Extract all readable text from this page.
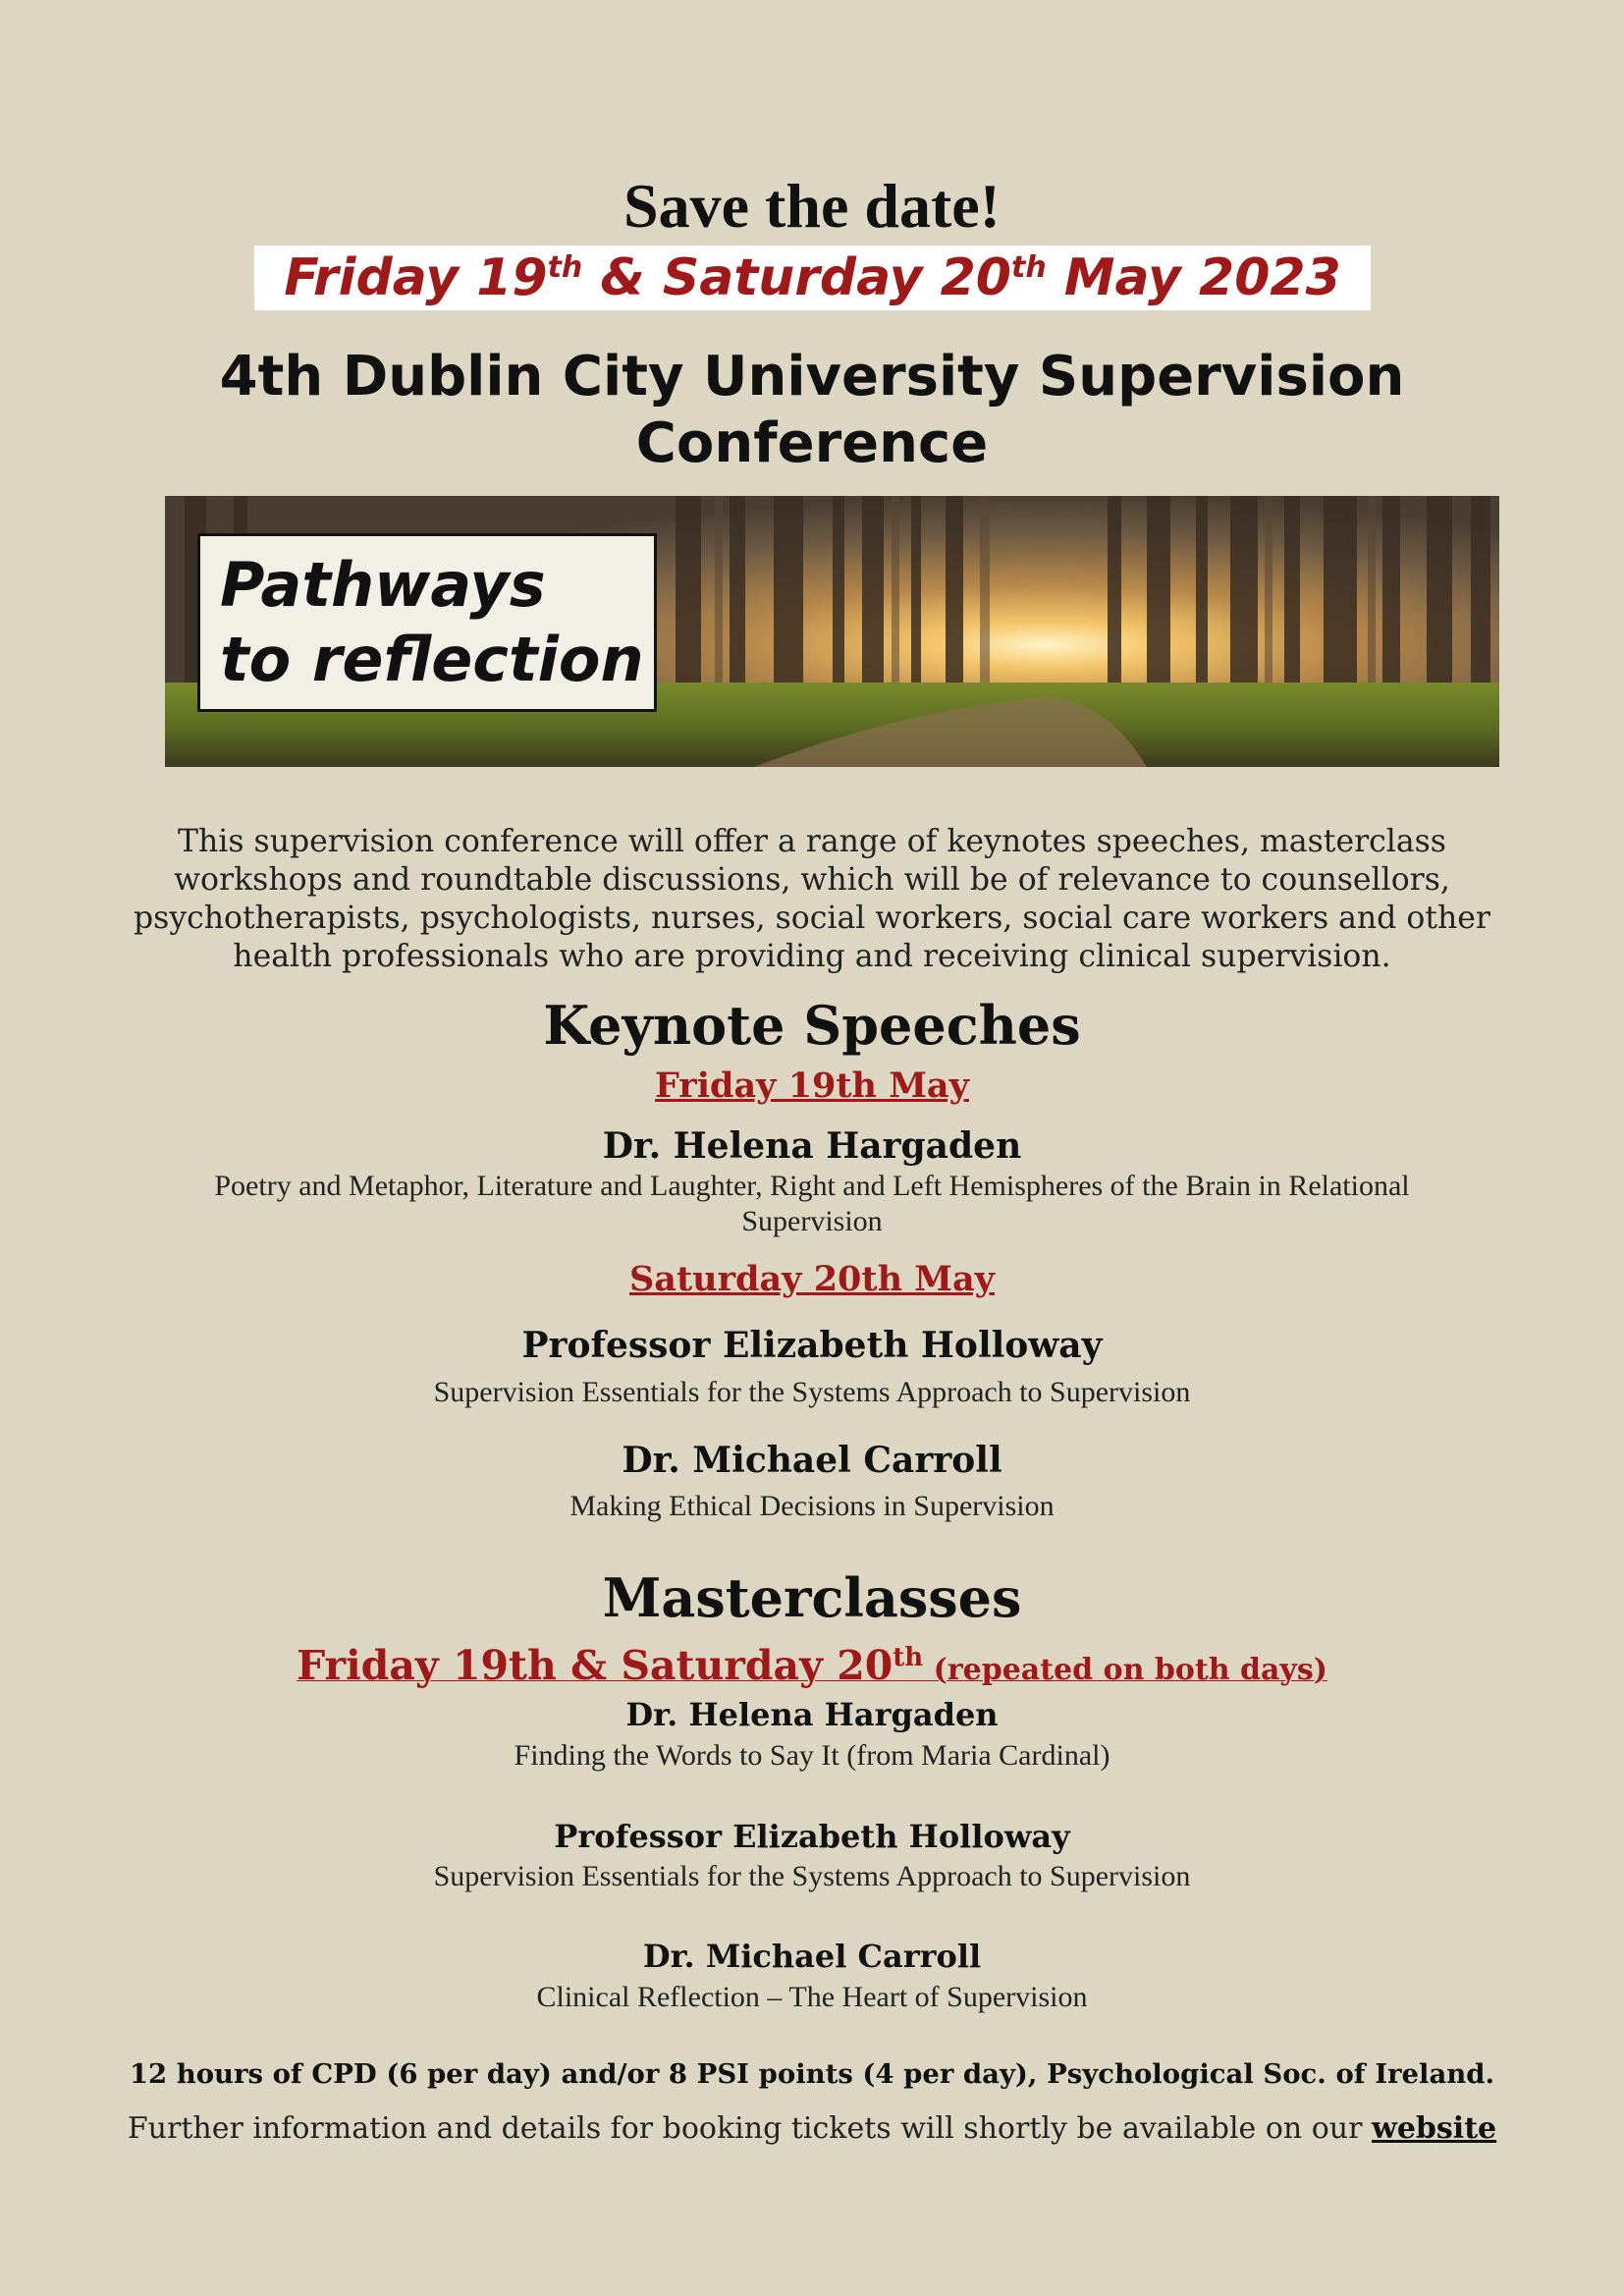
Save the date!
Friday 19th & Saturday 20th May 2023
4th Dublin City University Supervision
Conference
Pathways
to reflection
This supervision conference will offer a range of keynotes speeches, masterclass
workshops and roundtable discussions, which will be of relevance to counsellors,
psychotherapists, psychologists, nurses, social workers, social care workers and other
health professionals who are providing and receiving clinical supervision.
Keynote Speeches
Friday 19th May
Dr. Helena Hargaden
Poetry and Metaphor, Literature and Laughter, Right and Left Hemispheres of the Brain in Relational
Supervision
Saturday 20th May
Professor Elizabeth Holloway
Supervision Essentials for the Systems Approach to Supervision
Dr. Michael Carroll
Making Ethical Decisions in Supervision
Masterclasses
Friday 19th & Saturday 20th (repeated on both days)
Dr. Helena Hargaden
Finding the Words to Say It (from Maria Cardinal)
Professor Elizabeth Holloway
Supervision Essentials for the Systems Approach to Supervision
Dr. Michael Carroll
Clinical Reflection – The Heart of Supervision
12 hours of CPD (6 per day) and/or 8 PSI points (4 per day), Psychological Soc. of Ireland.
Further information and details for booking tickets will shortly be available on our website
